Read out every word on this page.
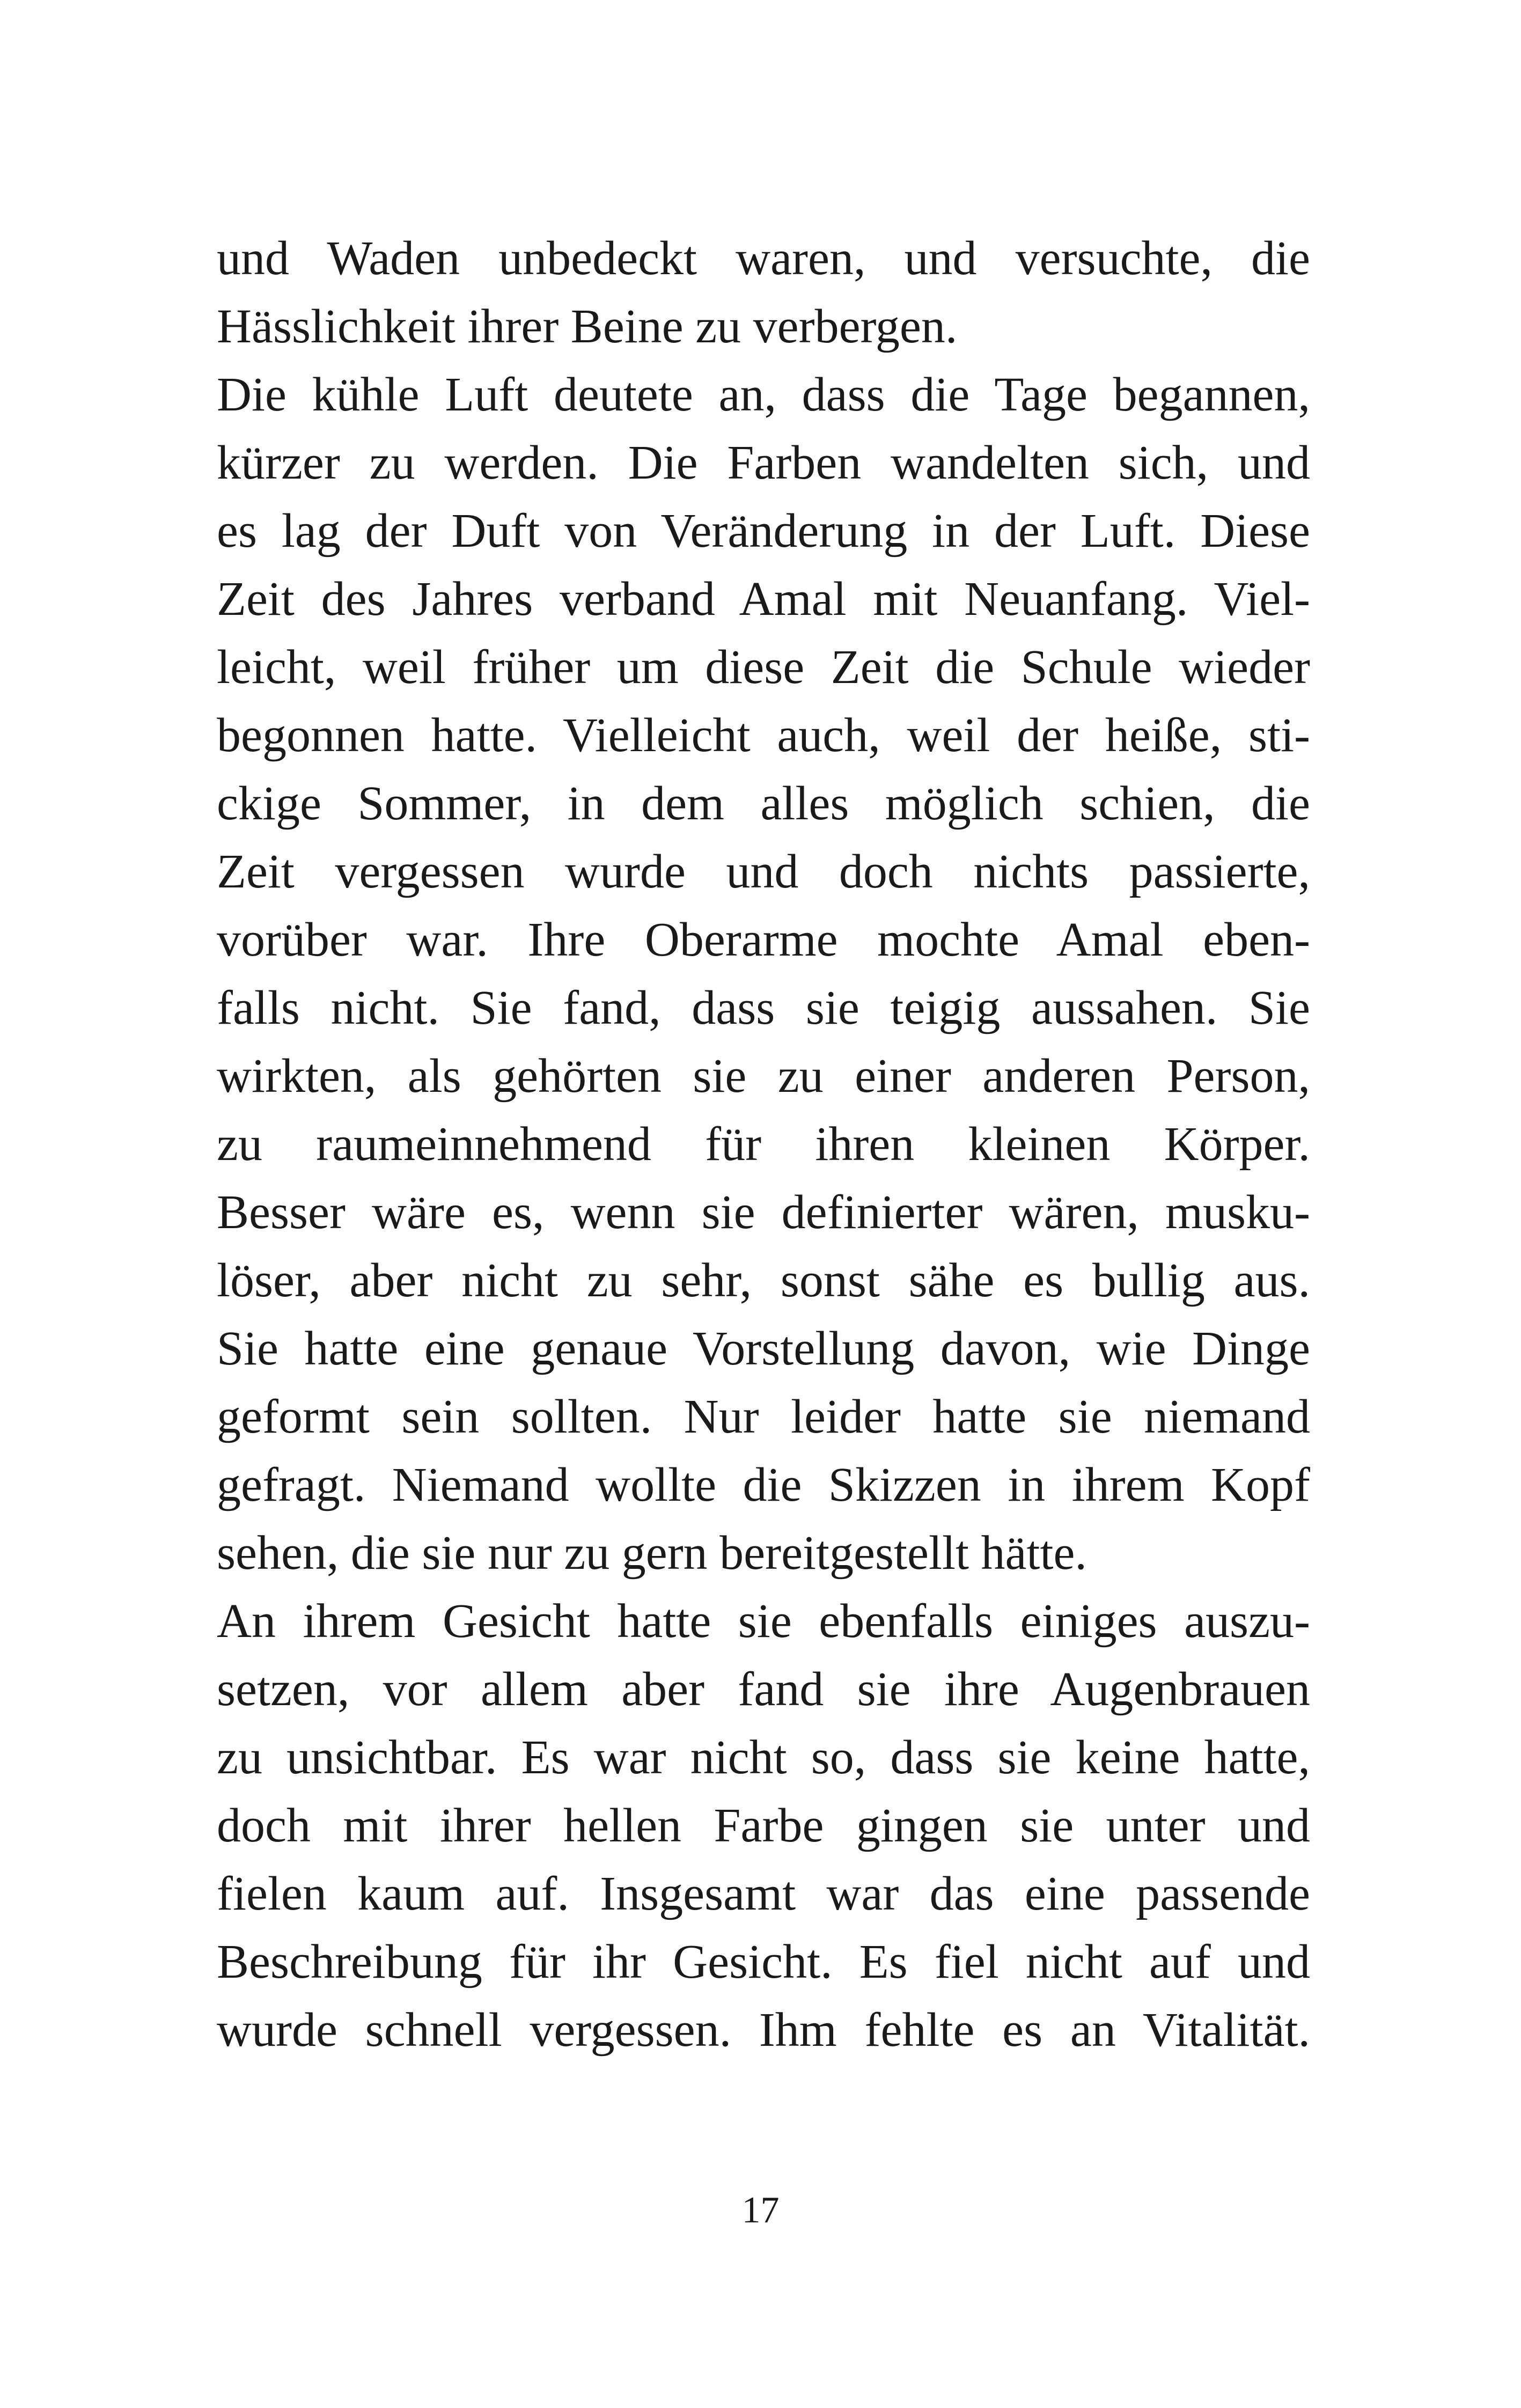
und Waden unbedeckt waren, und versuchte, die
Hässlichkeit ihrer Beine zu verbergen.
Die kühle Luft deutete an, dass die Tage begannen,
kürzer zu werden. Die Farben wandelten sich, und
es lag der Duft von Veränderung in der Luft. Diese
Zeit des Jahres verband Amal mit Neuanfang. Viel-
leicht, weil früher um diese Zeit die Schule wieder
begonnen hatte. Vielleicht auch, weil der heiße, sti-
ckige Sommer, in dem alles möglich schien, die
Zeit vergessen wurde und doch nichts passierte,
vorüber war. Ihre Oberarme mochte Amal eben-
falls nicht. Sie fand, dass sie teigig aussahen. Sie
wirkten, als gehörten sie zu einer anderen Person,
zu raumeinnehmend für ihren kleinen Körper.
Besser wäre es, wenn sie definierter wären, musku-
löser, aber nicht zu sehr, sonst sähe es bullig aus.
Sie hatte eine genaue Vorstellung davon, wie Dinge
geformt sein sollten. Nur leider hatte sie niemand
gefragt. Niemand wollte die Skizzen in ihrem Kopf
sehen, die sie nur zu gern bereitgestellt hätte.
An ihrem Gesicht hatte sie ebenfalls einiges auszu-
setzen, vor allem aber fand sie ihre Augenbrauen
zu unsichtbar. Es war nicht so, dass sie keine hatte,
doch mit ihrer hellen Farbe gingen sie unter und
fielen kaum auf. Insgesamt war das eine passende
Beschreibung für ihr Gesicht. Es fiel nicht auf und
wurde schnell vergessen. Ihm fehlte es an Vitalität.
17
